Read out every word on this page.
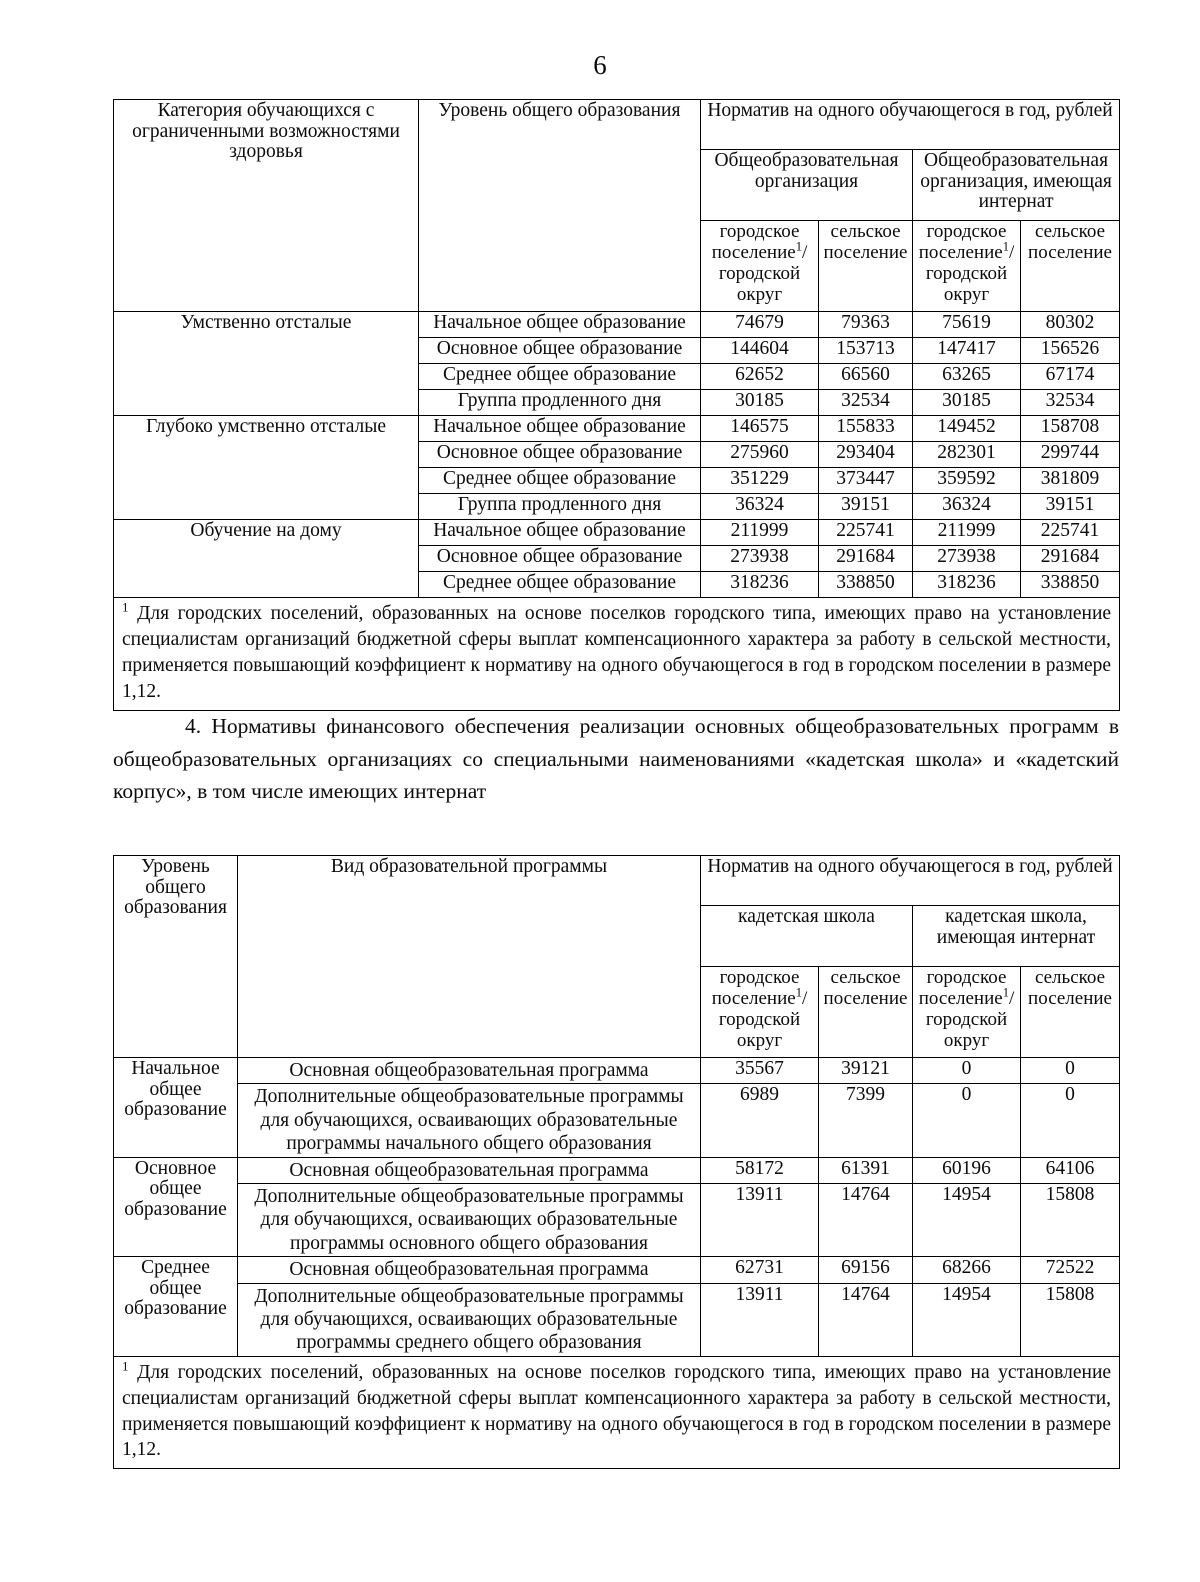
6
Категория обучающихся с ограниченными возможностями здоровья	Уровень общего образования	Норматив на одного обучающегося в год, рублей			
		Общеобразовательная организация		Общеобразовательная организация, имеющая интернат	
		городское поселение$^1$/ городской округ	сельское поселение	городское поселение$^1$/ городской округ	сельское поселение
Умственно отсталые	Начальное общее образование	74679	79363	75619	80302
	Основное общее образование	144604	153713	147417	156526
	Среднее общее образование	62652	66560	63265	67174
	Группа продленного дня	30185	32534	30185	32534
Глубоко умственно отсталые	Начальное общее образование	146575	155833	149452	158708
	Основное общее образование	275960	293404	282301	299744
	Среднее общее образование	351229	373447	359592	381809
	Группа продленного дня	36324	39151	36324	39151
Обучение на дому	Начальное общее образование	211999	225741	211999	225741
	Основное общее образование	273938	291684	273938	291684
	Среднее общее образование	318236	338850	318236	338850

$^1$ Для городских поселений, образованных на основе поселков городского типа, имеющих право на установление специалистам организаций бюджетной сферы выплат компенсационного характера за работу в сельской местности, применяется повышающий коэффициент к нормативу на одного обучающегося в год в городском поселении в размере 1,12.					
4. Нормативы финансового обеспечения реализации основных общеобразовательных программ в общеобразовательных организациях со специальными наименованиями «кадетская школа» и «кадетский корпус», в том числе имеющих интернат
Уровень общего образования	Вид образовательной программы	Норматив на одного обучающегося в год, рублей			
		кадетская школа		кадетская школа, имеющая интернат	
		городское поселение$^1$/ городской округ	сельское поселение	городское поселение$^1$/ городской округ	сельское поселение
Начальное общее образование	Основная общеобразовательная программа	35567	39121	0	0
	Дополнительные общеобразовательные программы для обучающихся, осваивающих образовательные программы начального общего образования	6989	7399	0	0
Основное общее образование	Основная общеобразовательная программа	58172	61391	60196	64106
	Дополнительные общеобразовательные программы для обучающихся, осваивающих образовательные программы основного общего образования	13911	14764	14954	15808
Среднее общее образование	Основная общеобразовательная программа	62731	69156	68266	72522
	Дополнительные общеобразовательные программы для обучающихся, осваивающих образовательные программы среднего общего образования	13911	14764	14954	15808

$^1$ Для городских поселений, образованных на основе поселков городского типа, имеющих право на установление специалистам организаций бюджетной сферы выплат компенсационного характера за работу в сельской местности, применяется повышающий коэффициент к нормативу на одного обучающегося в год в городском поселении в размере 1,12.					
